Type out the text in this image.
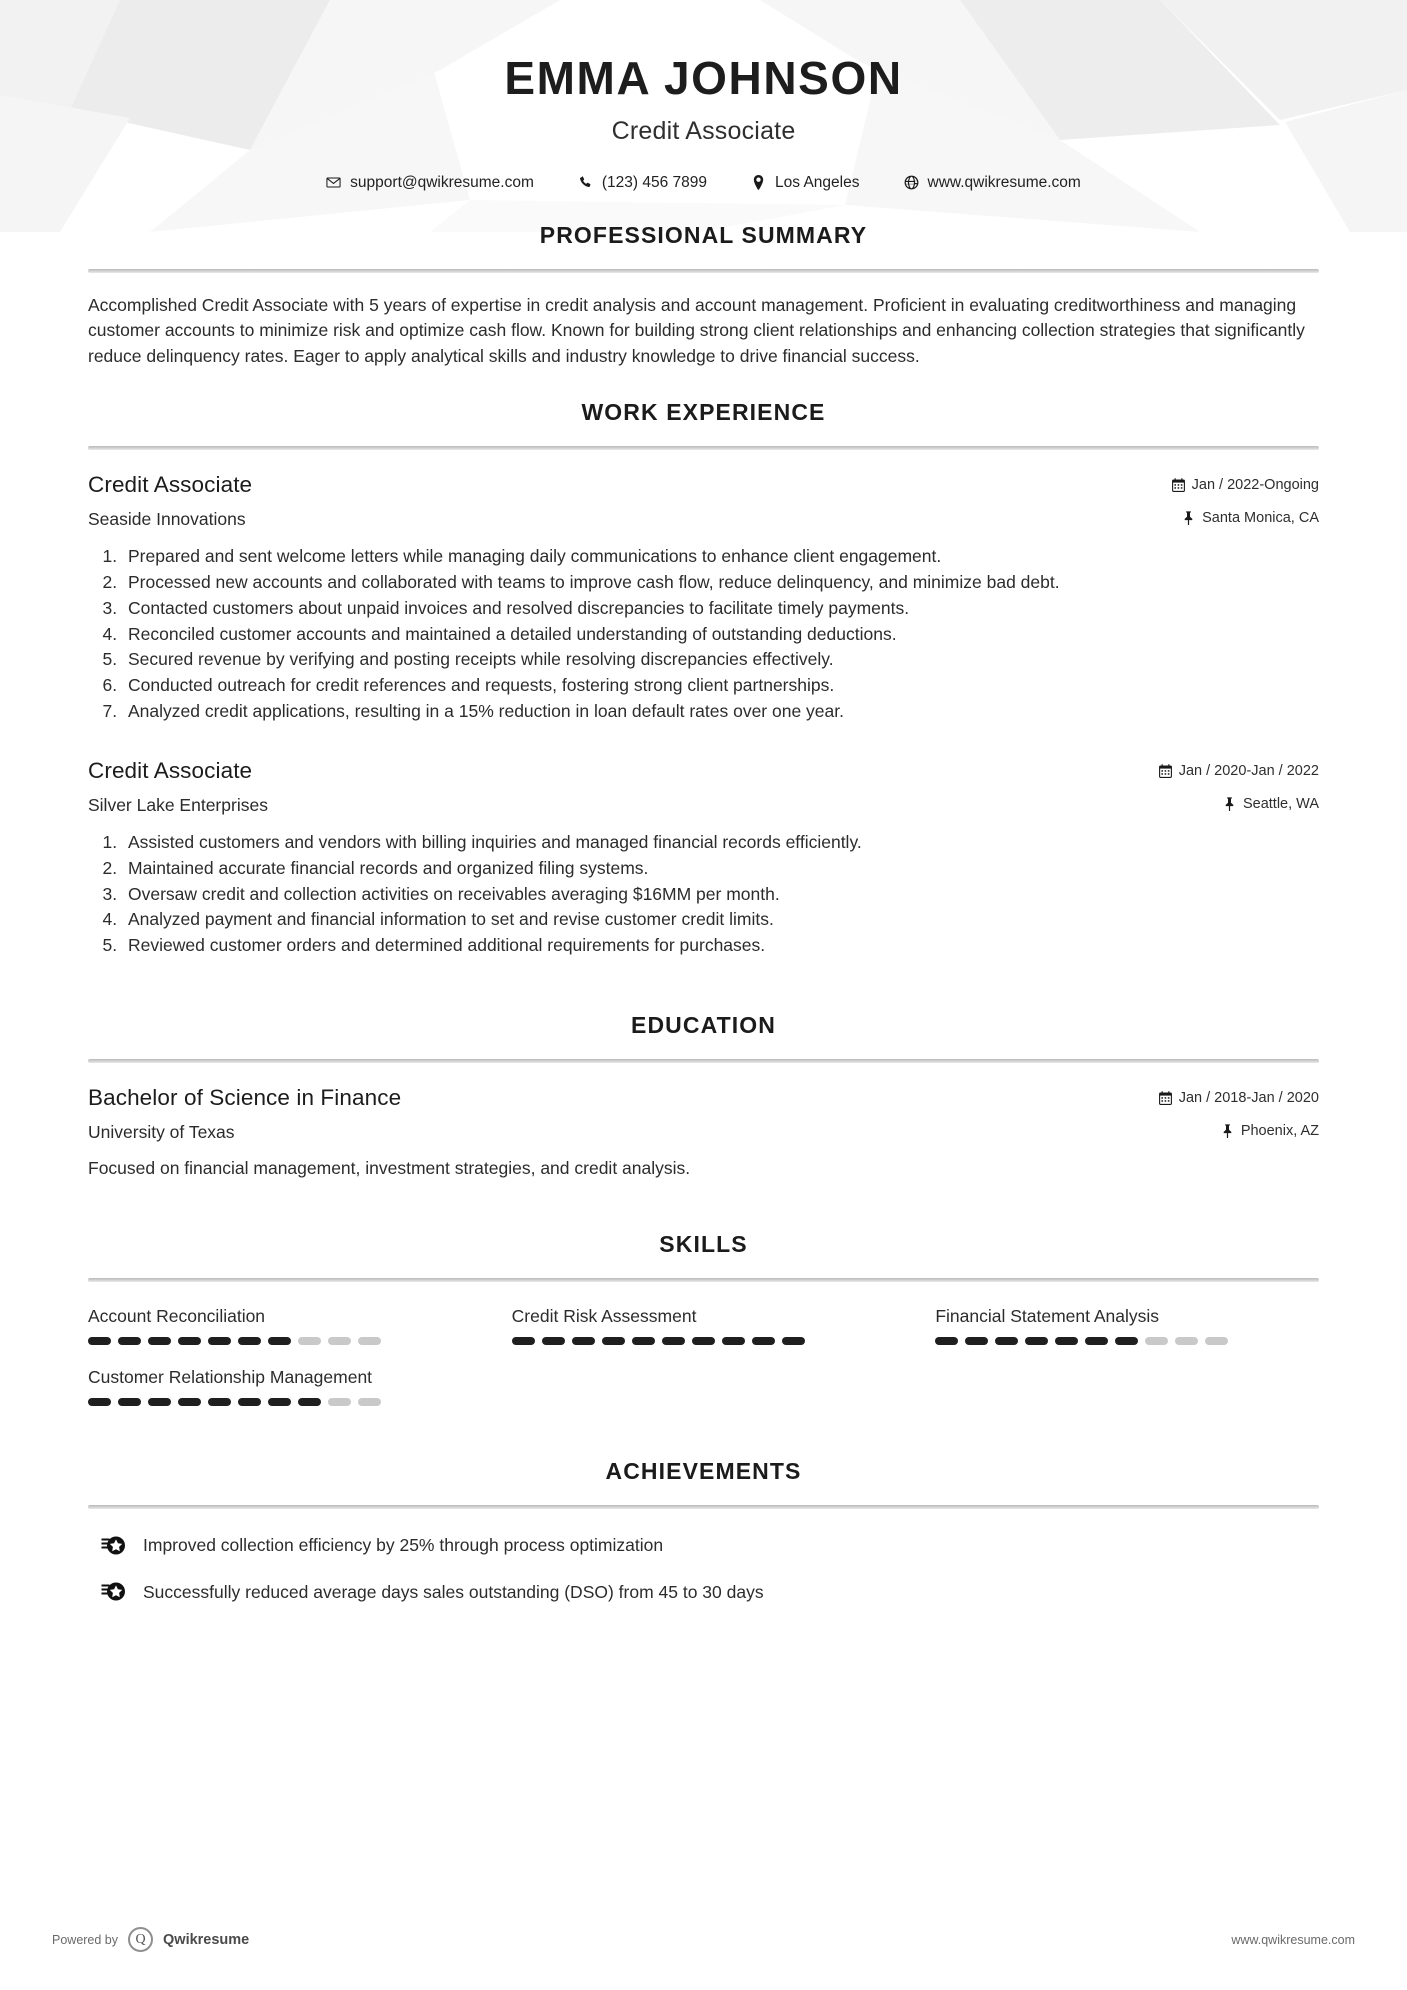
EMMA JOHNSON
Credit Associate
support@qwikresume.com	(123) 456 7899	Los Angeles	www.qwikresume.com
PROFESSIONAL SUMMARY

Accomplished Credit Associate with 5 years of expertise in credit analysis and account management. Proficient in evaluating creditworthiness and managing customer accounts to minimize risk and optimize cash flow. Known for building strong client relationships and enhancing collection strategies that significantly reduce delinquency rates. Eager to apply analytical skills and industry knowledge to drive financial success.

WORK EXPERIENCE
Credit Associate	Jan / 2022-Ongoing
Seaside Innovations	Santa Monica, CA
1. Prepared and sent welcome letters while managing daily communications to enhance client engagement.
2. Processed new accounts and collaborated with teams to improve cash flow, reduce delinquency, and minimize bad debt.
3. Contacted customers about unpaid invoices and resolved discrepancies to facilitate timely payments.
4. Reconciled customer accounts and maintained a detailed understanding of outstanding deductions.
5. Secured revenue by verifying and posting receipts while resolving discrepancies effectively.
6. Conducted outreach for credit references and requests, fostering strong client partnerships.
7. Analyzed credit applications, resulting in a 15% reduction in loan default rates over one year.
Credit Associate	Jan / 2020-Jan / 2022
Silver Lake Enterprises	Seattle, WA
1. Assisted customers and vendors with billing inquiries and managed financial records efficiently.
2. Maintained accurate financial records and organized filing systems.
3. Oversaw credit and collection activities on receivables averaging $16MM per month.
4. Analyzed payment and financial information to set and revise customer credit limits.
5. Reviewed customer orders and determined additional requirements for purchases.
EDUCATION
Bachelor of Science in Finance	Jan / 2018-Jan / 2020
University of Texas	Phoenix, AZ
Focused on financial management, investment strategies, and credit analysis.
SKILLS
Account Reconciliation	Credit Risk Assessment	Financial Statement Analysis
Customer Relationship Management
ACHIEVEMENTS
Improved collection efficiency by 25% through process optimization
Successfully reduced average days sales outstanding (DSO) from 45 to 30 days
Powered by	Q	Qwikresume	www.qwikresume.com
